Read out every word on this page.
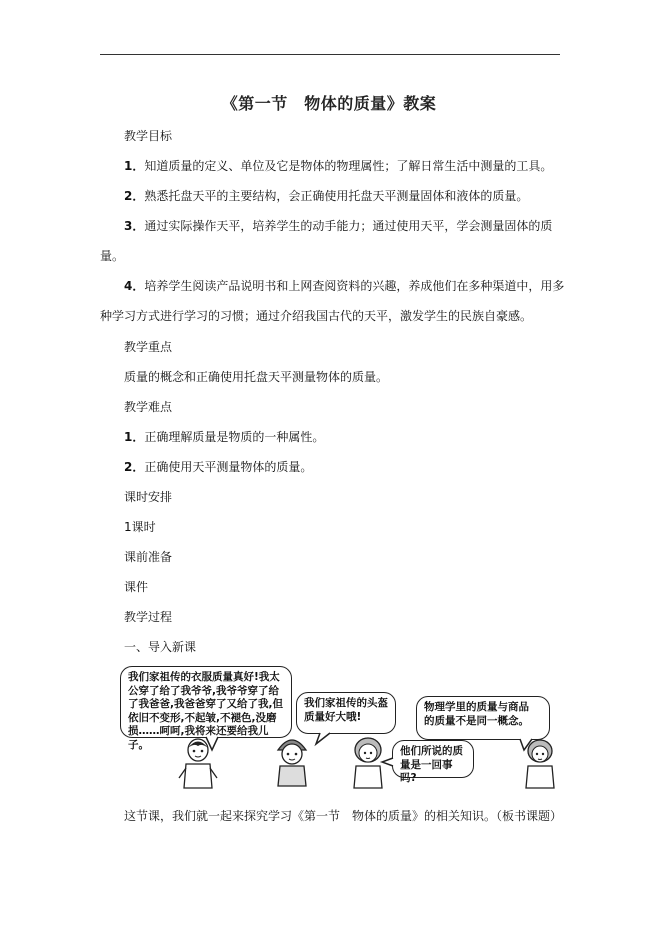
《第一节　物体的质量》教案
教学目标
1．知道质量的定义、单位及它是物体的物理属性；了解日常生活中测量的工具。
2．熟悉托盘天平的主要结构，会正确使用托盘天平测量固体和液体的质量。
3．通过实际操作天平，培养学生的动手能力；通过使用天平，学会测量固体的质
量。
4．培养学生阅读产品说明书和上网查阅资料的兴趣，养成他们在多种渠道中，用多
种学习方式进行学习的习惯；通过介绍我国古代的天平，激发学生的民族自豪感。
教学重点
质量的概念和正确使用托盘天平测量物体的质量。
教学难点
1．正确理解质量是物质的一种属性。
2．正确使用天平测量物体的质量。
课时安排
1课时
课前准备
课件
教学过程
一、导入新课
我们家祖传的衣服质量真好!我太
公穿了给了我爷爷,我爷爷穿了给
了我爸爸,我爸爸穿了又给了我,但
依旧不变形,不起皱,不褪色,没磨
损……呵呵,我将来还要给我儿子。
我们家祖传的头盔
质量好大哦!
物理学里的质量与商品
的质量不是同一概念。
他们所说的质
量是一回事吗?
这节课，我们就一起来探究学习《第一节　物体的质量》的相关知识。（板书课题）
